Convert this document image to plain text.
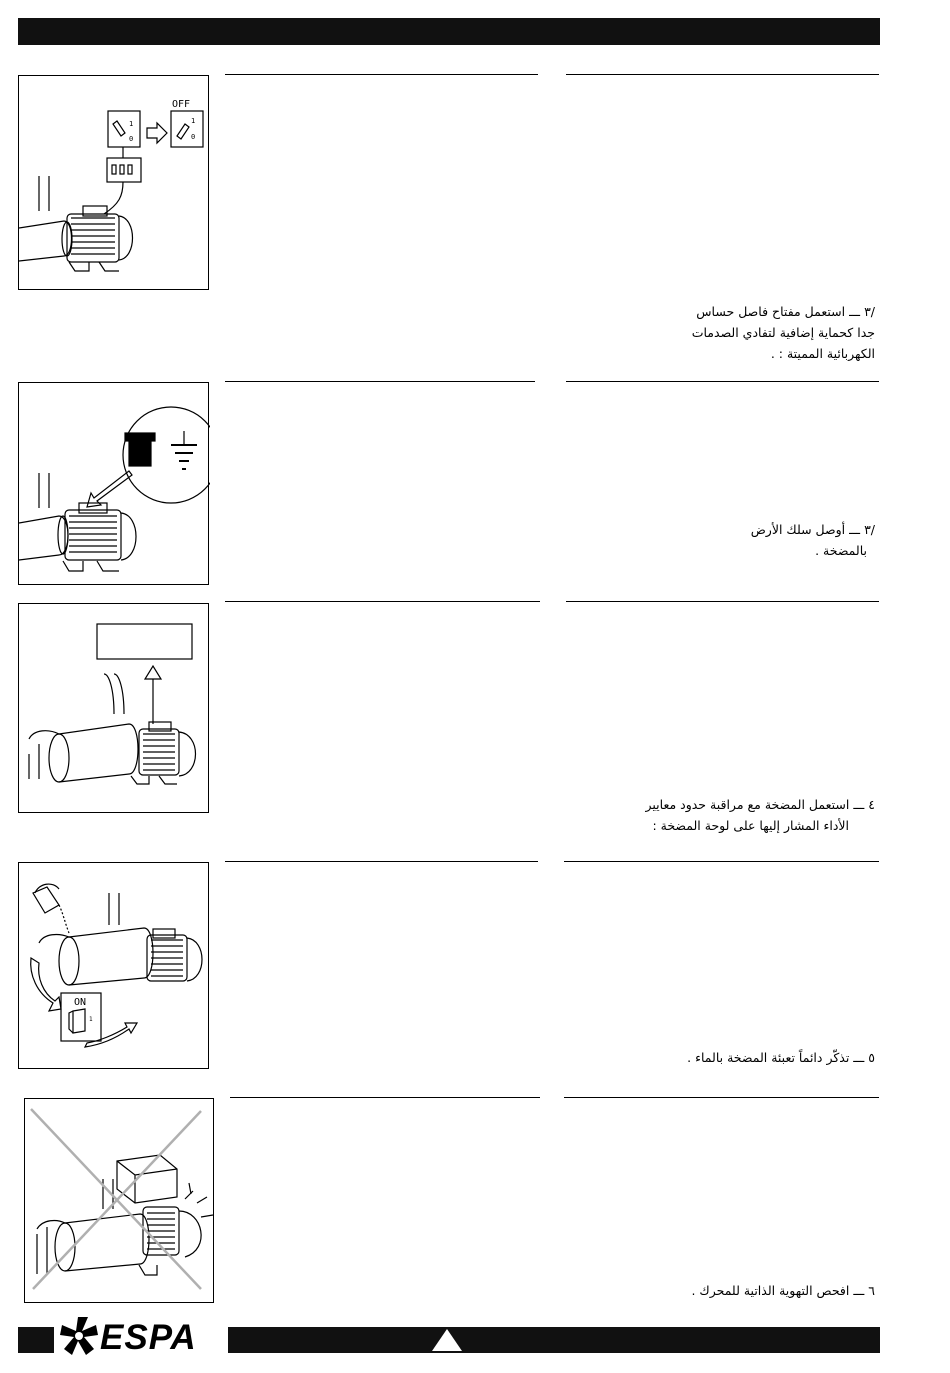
OFF
1
0
1
0
/٣ ـــ استعمل مفتاح فاصل حساس
جدا كحماية إضافية لتفادي الصدمات
الكهربائية المميتة : .
/٣ ـــ أوصل سلك الأرض
بالمضخة .
٤ ـــ استعمل المضخة مع مراقبة حدود معايير
الأداء المشار إليها على لوحة المضخة :
ON
1
٥ ـــ تذكّر دائماً تعبئة المضخة بالماء .
٦ ـــ افحص التهوية الذاتية للمحرك .
ESPA
